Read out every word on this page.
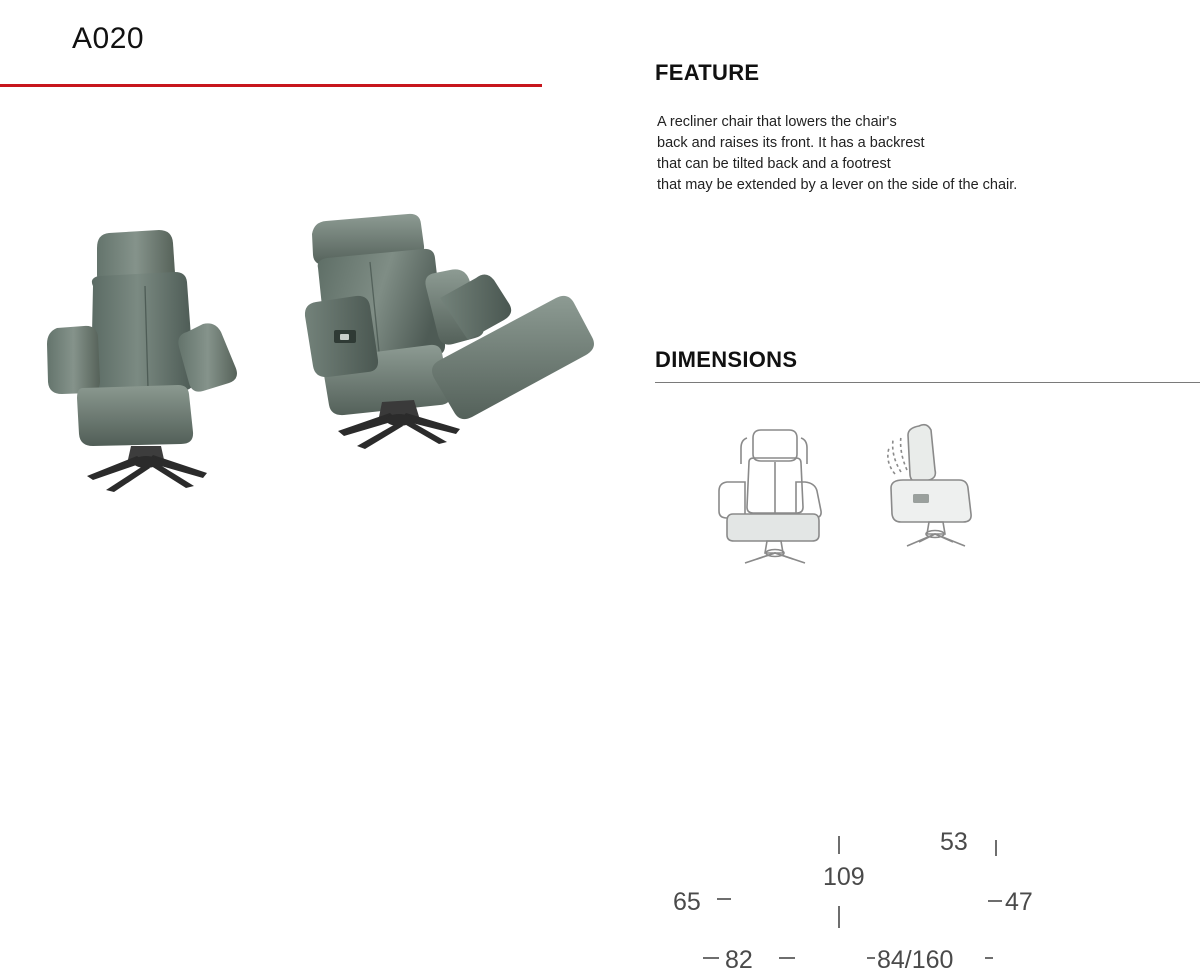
A020
FEATURE
A recliner chair that lowers the chair's
back and raises its front. It has a backrest
that can be tilted back and a footrest
that may be extended by a lever on the side of the chair.
DIMENSIONS
65
109
82
53
47
84/160
